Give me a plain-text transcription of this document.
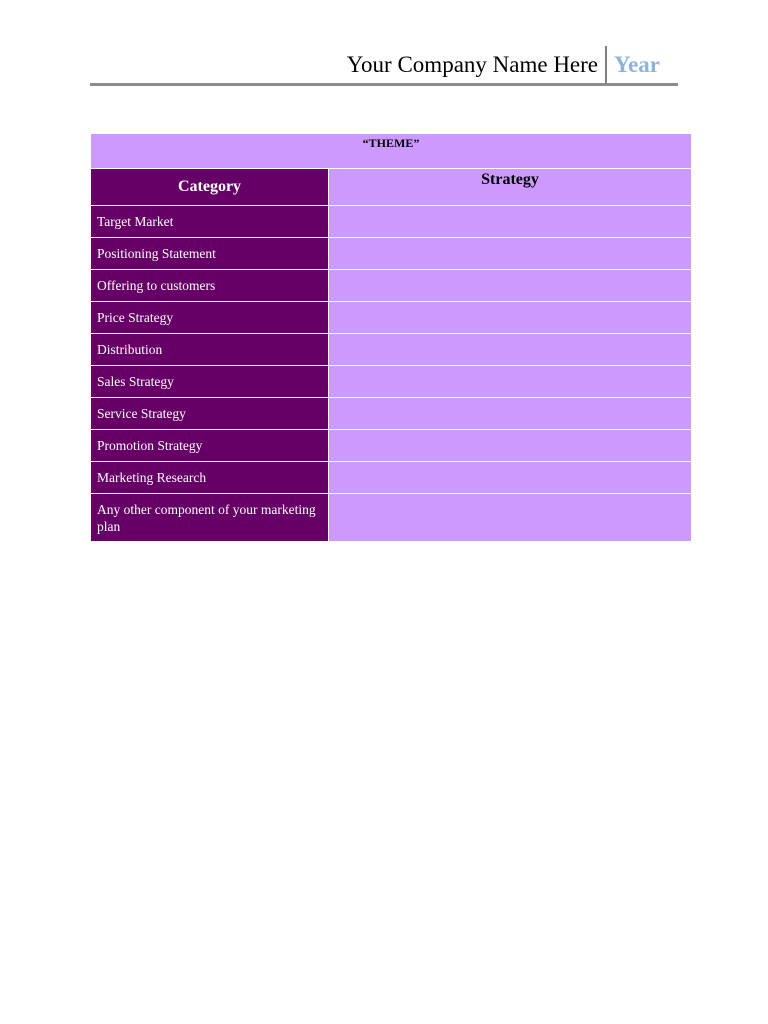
Your Company Name Here Year
“THEME”	
Category	Strategy
Target Market	
Positioning Statement	
Offering to customers	
Price Strategy	
Distribution	
Sales Strategy	
Service Strategy	
Promotion Strategy	
Marketing Research	
Any other component of your marketing plan	
